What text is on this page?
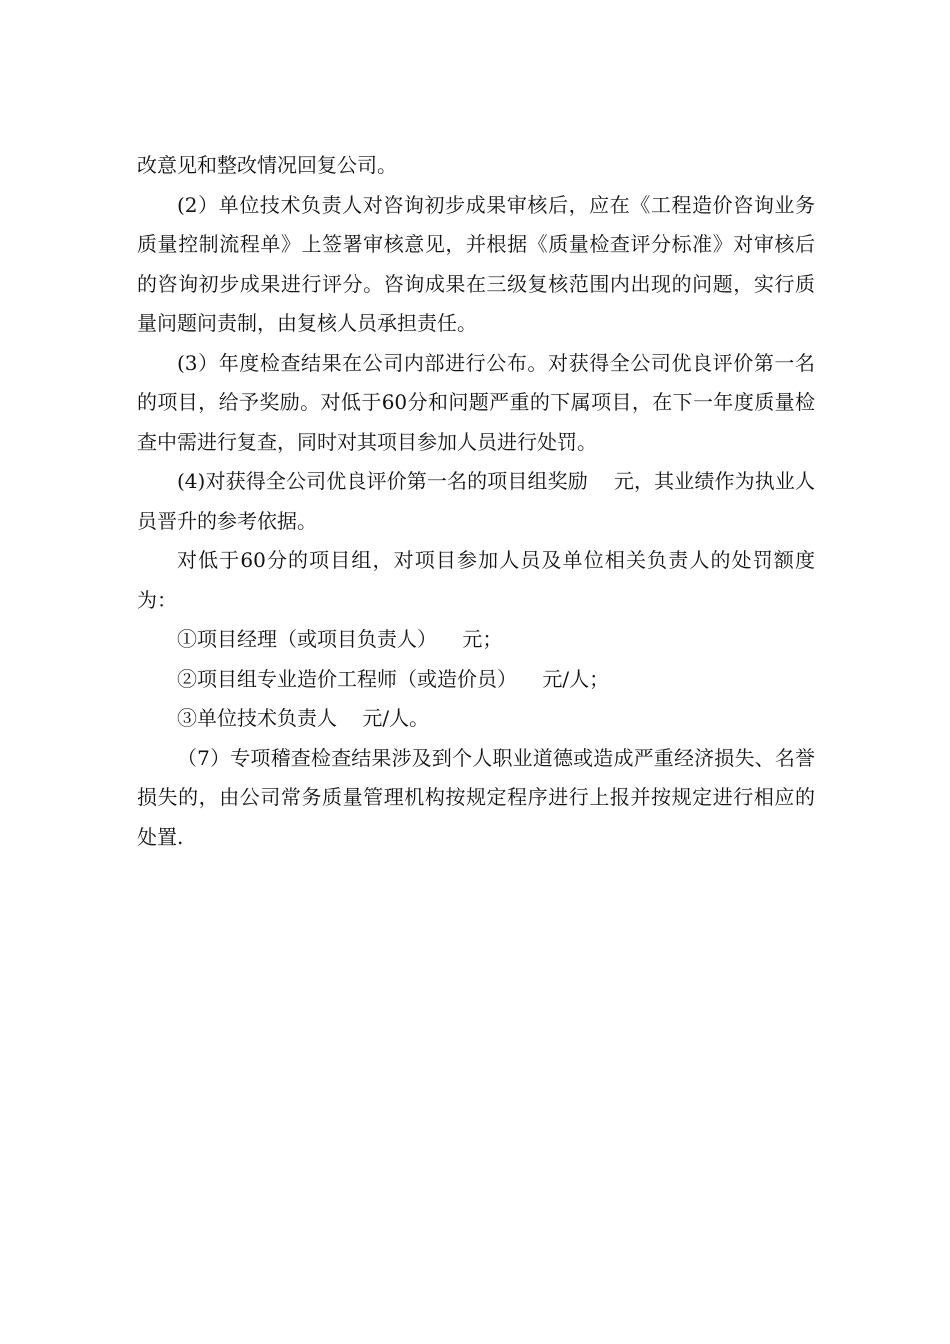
改意见和整改情况回复公司。

(2）单位技术负责人对咨询初步成果审核后，应在《工程造价咨询业务质量控制流程单》上签署审核意见，并根据《质量检查评分标准》对审核后的咨询初步成果进行评分。咨询成果在三级复核范围内出现的问题，实行质量问题问责制，由复核人员承担责任。

(3）年度检查结果在公司内部进行公布。对获得全公司优良评价第一名的项目，给予奖励。对低于60分和问题严重的下属项目，在下一年度质量检查中需进行复查，同时对其项目参加人员进行处罚。

(4)对获得全公司优良评价第一名的项目组奖励    元，其业绩作为执业人员晋升的参考依据。

对低于60分的项目组，对项目参加人员及单位相关负责人的处罚额度为：

①项目经理（或项目负责人）    元；

②项目组专业造价工程师（或造价员）    元/人；

③单位技术负责人    元/人。

（7）专项稽查检查结果涉及到个人职业道德或造成严重经济损失、名誉损失的，由公司常务质量管理机构按规定程序进行上报并按规定进行相应的处置.
